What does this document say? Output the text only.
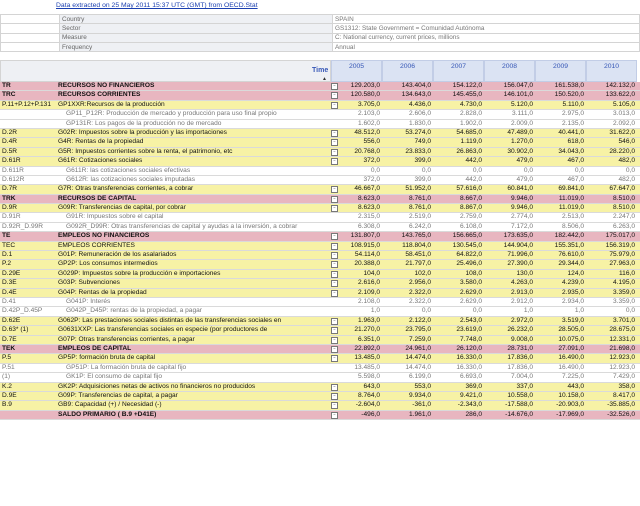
Data extracted on 25 May 2011 15:37 UTC (GMT) from OECD.Stat
	Country	SPAIN
	Sector	GS1312: State Government = Comunidad Autónoma
	Measure	C: National currency, current prices, millions
	Frequency	Annual
Time
▲
2005	2006	2007	2008	2009	2010
TR	RECURSOS NO FINANCIEROS	−	129.203,0	143.404,0	154.122,0	156.047,0	161.538,0	142.132,0
TRC	RECURSOS CORRIENTES	−	120.580,0	134.643,0	145.455,0	146.101,0	150.520,0	133.622,0
P.11+P.12+P.131	GP1XXR:Recursos de la producción	−	3.705,0	4.436,0	4.730,0	5.120,0	5.110,0	5.105,0
GP11_P12R: Producción de mercado y producción para uso final propio	2.103,0	2.606,0	2.828,0	3.111,0	2.975,0	3.013,0
GP131R: Los pagos de la producción no de mercado	1.602,0	1.830,0	1.902,0	2.009,0	2.135,0	2.092,0
D.2R	G02R: Impuestos sobre la producción y las importaciones	−	48.512,0	53.274,0	54.685,0	47.489,0	40.441,0	31.622,0
D.4R	G4R: Rentas de la propiedad	−	556,0	749,0	1.119,0	1.270,0	618,0	546,0
D.5R	G5R: Impuestos corrientes sobre la renta, el patrimonio, etc	−	20.768,0	23.833,0	26.863,0	30.902,0	34.043,0	28.220,0
D.61R	G61R: Cotizaciones sociales	−	372,0	399,0	442,0	479,0	467,0	482,0
D.611R	G611R: las cotizaciones sociales efectivas	0,0	0,0	0,0	0,0	0,0	0,0
D.612R	G612R: las cotizaciones sociales imputadas	372,0	399,0	442,0	479,0	467,0	482,0
D.7R	G7R: Otras transferencias corrientes, a cobrar	−	46.667,0	51.952,0	57.616,0	60.841,0	69.841,0	67.647,0
TRK	RECURSOS DE CAPITAL	−	8.623,0	8.761,0	8.667,0	9.946,0	11.019,0	8.510,0
D.9R	G09R: Transferencias de capital, por cobrar	−	8.623,0	8.761,0	8.867,0	9.946,0	11.019,0	8.510,0
D.91R	G91R: Impuestos sobre el capital	2.315,0	2.519,0	2.759,0	2.774,0	2.513,0	2.247,0
D.92R_D.99R	G092R_D99R: Otras transferencias de capital y ayudas a la inversión, a cobrar	6.308,0	6.242,0	6.108,0	7.172,0	8.506,0	6.263,0
TE	EMPLEOS NO FINANCIEROS	−	131.807,0	143.765,0	156.665,0	173.635,0	182.442,0	175.017,0
TEC	EMPLEOS CORRIENTES	−	108.915,0	118.804,0	130.545,0	144.904,0	155.351,0	156.319,0
D.1	G01P: Remuneración de los asalariados	−	54.114,0	58.451,0	64.822,0	71.996,0	76.610,0	75.979,0
P.2	GP2P: Los consumos intermedios	−	20.388,0	21.797,0	25.496,0	27.390,0	29.344,0	27.963,0
D.29E	G029P: Impuestos sobre la producción e importaciones	−	104,0	102,0	108,0	130,0	124,0	116,0
D.3E	G03P: Subvenciones	−	2.616,0	2.956,0	3.580,0	4.263,0	4.239,0	4.195,0
D.4E	G04P: Rentas de la propiedad	−	2.109,0	2.322,0	2.629,0	2.913,0	2.935,0	3.359,0
D.41	G041P: Interés	2.108,0	2.322,0	2.629,0	2.912,0	2.934,0	3.359,0
D.42P_D.45P	G042P_D45P: rentas de la propiedad, a pagar	1,0	0,0	0,0	1,0	1,0	0,0
D.62E	G062P: Las prestaciones sociales distintas de las transferencias sociales en	−	1.963,0	2.122,0	2.543,0	2.972,0	3.519,0	3.701,0
D.63* (1)	G0631XXP: Las transferencias sociales en especie (por productores de	−	21.270,0	23.795,0	23.619,0	26.232,0	28.505,0	28.675,0
D.7E	G07P: Otras transferencias corrientes, a pagar	−	6.351,0	7.259,0	7.748,0	9.008,0	10.075,0	12.331,0
TEK	EMPLEOS DE CAPITAL	−	22.892,0	24.961,0	26.120,0	28.731,0	27.091,0	21.698,0
P.5	GP5P: formación bruta de capital	−	13.485,0	14.474,0	16.330,0	17.836,0	16.490,0	12.923,0
P.51	GP51P: La formación bruta de capital fijo	13.485,0	14.474,0	16.330,0	17.836,0	16.490,0	12.923,0
(1)	GK1P: El consumo de capital fijo	5.598,0	6.199,0	6.693,0	7.004,0	7.225,0	7.429,0
K.2	GK2P: Adquisiciones netas de activos no financieros no producidos	−	643,0	553,0	369,0	337,0	443,0	358,0
D.9E	G09P: Transferencias de capital, a pagar	−	8.764,0	9.934,0	9.421,0	10.558,0	10.158,0	8.417,0
B.9	GB9: Capacidad (+) / Necesidad (-)	−	-2.604,0	-361,0	-2.343,0	-17.588,0	-20.903,0	-35.885,0
SALDO PRIMARIO ( B.9 +D41E)	−	-496,0	1.961,0	286,0	-14.676,0	-17.969,0	-32.526,0
